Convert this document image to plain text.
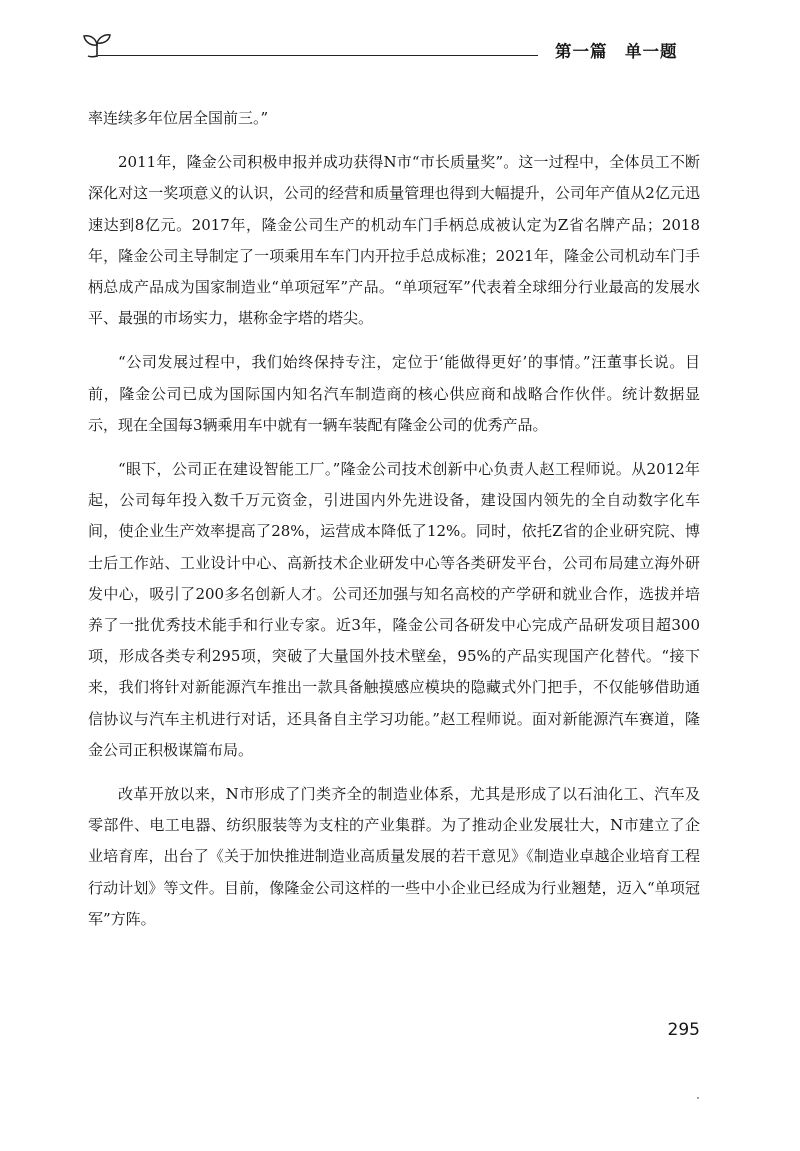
第一篇　单一题

率连续多年位居全国前三。”

2011年，隆金公司积极申报并成功获得N市“市长质量奖”。这一过程中，全体员工不断深化对这一奖项意义的认识，公司的经营和质量管理也得到大幅提升，公司年产值从2亿元迅速达到8亿元。2017年，隆金公司生产的机动车门手柄总成被认定为Z省名牌产品；2018年，隆金公司主导制定了一项乘用车车门内开拉手总成标准；2021年，隆金公司机动车门手柄总成产品成为国家制造业“单项冠军”产品。“单项冠军”代表着全球细分行业最高的发展水平、最强的市场实力，堪称金字塔的塔尖。

“公司发展过程中，我们始终保持专注，定位于‘能做得更好’的事情。”汪董事长说。目前，隆金公司已成为国际国内知名汽车制造商的核心供应商和战略合作伙伴。统计数据显示，现在全国每3辆乘用车中就有一辆车装配有隆金公司的优秀产品。

“眼下，公司正在建设智能工厂。”隆金公司技术创新中心负责人赵工程师说。从2012年起，公司每年投入数千万元资金，引进国内外先进设备，建设国内领先的全自动数字化车间，使企业生产效率提高了28%，运营成本降低了12%。同时，依托Z省的企业研究院、博士后工作站、工业设计中心、高新技术企业研发中心等各类研发平台，公司布局建立海外研发中心，吸引了200多名创新人才。公司还加强与知名高校的产学研和就业合作，选拔并培养了一批优秀技术能手和行业专家。近3年，隆金公司各研发中心完成产品研发项目超300项，形成各类专利295项，突破了大量国外技术壁垒，95%的产品实现国产化替代。“接下来，我们将针对新能源汽车推出一款具备触摸感应模块的隐藏式外门把手，不仅能够借助通信协议与汽车主机进行对话，还具备自主学习功能。”赵工程师说。面对新能源汽车赛道，隆金公司正积极谋篇布局。

改革开放以来，N市形成了门类齐全的制造业体系，尤其是形成了以石油化工、汽车及零部件、电工电器、纺织服装等为支柱的产业集群。为了推动企业发展壮大，N市建立了企业培育库，出台了《关于加快推进制造业高质量发展的若干意见》《制造业卓越企业培育工程行动计划》等文件。目前，像隆金公司这样的一些中小企业已经成为行业翘楚，迈入“单项冠军”方阵。

295
